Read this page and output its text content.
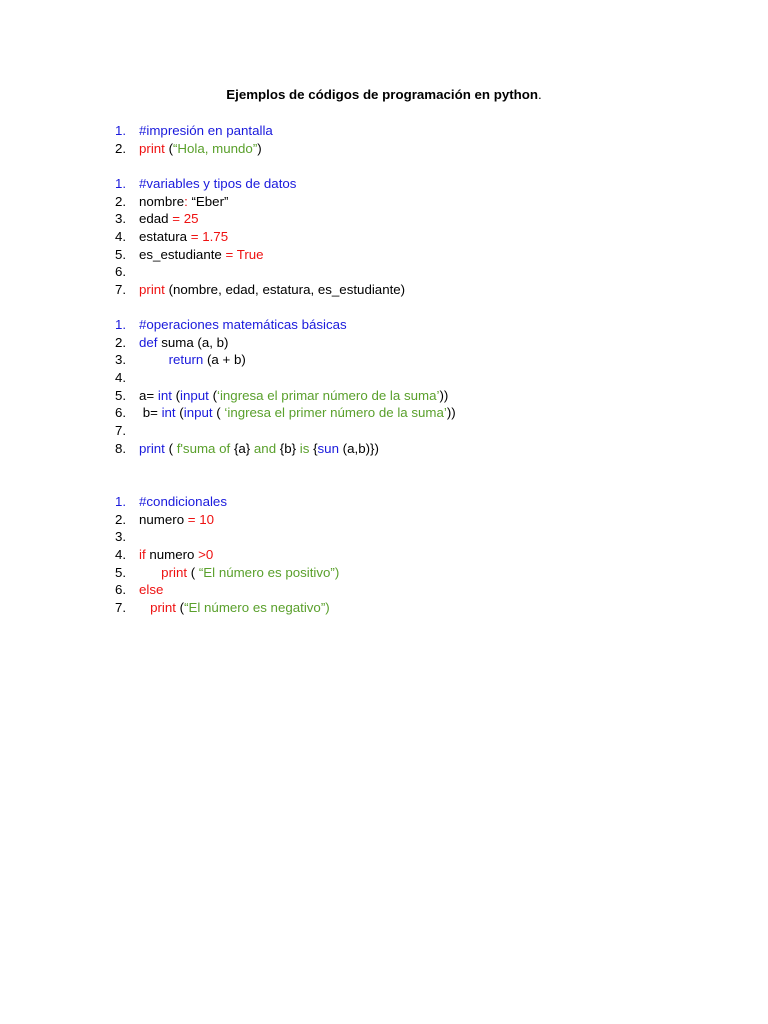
Ejemplos de códigos de programación en python.
1. #impresión en pantalla
2. print (“Hola, mundo”)
1. #variables y tipos de datos
2. nombre: “Eber”
3. edad = 25
4. estatura = 1.75
5. es_estudiante = True
6.
7. print (nombre, edad, estatura, es_estudiante)
1. #operaciones matemáticas básicas
2. def suma (a, b)
3.	return (a + b)
4.
5. a= int (input (‘ingresa el primar número de la suma’))
6. b= int (input ( ‘ingresa el primer número de la suma’))
7.
8. print ( f'suma of {a} and {b} is {sun (a,b)})
1. #condicionales
2. numero = 10
3.
4. if numero >0
5.	print ( “El número es positivo”)
6. else
7.	print (“El número es negativo”)
